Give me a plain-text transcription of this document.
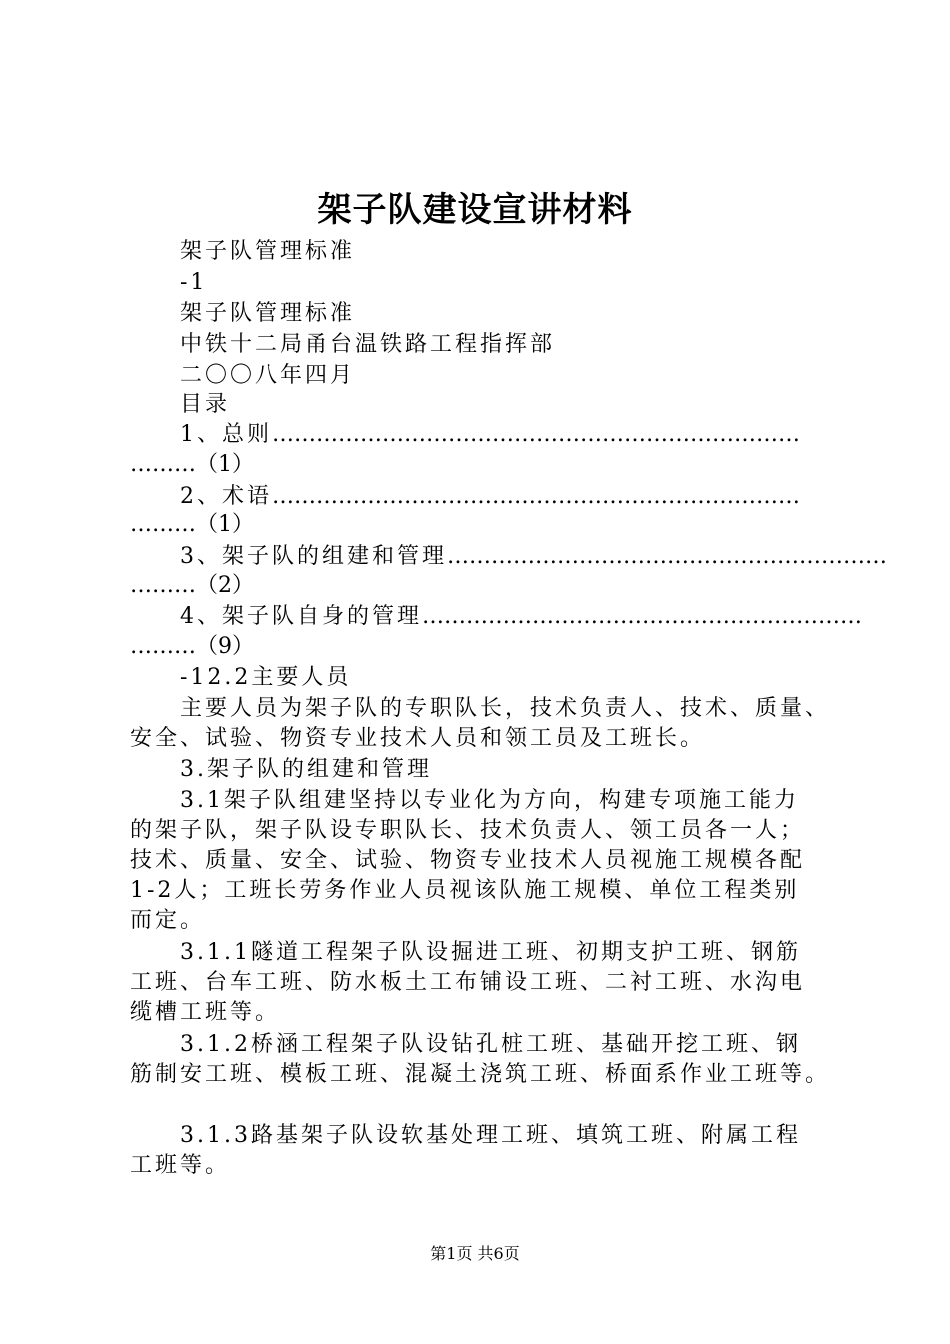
架子队建设宣讲材料
架子队管理标准
-1
架子队管理标准
中铁十二局甬台温铁路工程指挥部
二〇〇八年四月
目录
1、总则………………………………………………………………
………（1）
2、术语………………………………………………………………
………（1）
3、架子队的组建和管理……………………………………………………
………（2）
4、架子队自身的管理……………………………………………………
………（9）
-12.2主要人员
主要人员为架子队的专职队长，技术负责人、技术、质量、
安全、试验、物资专业技术人员和领工员及工班长。
3.架子队的组建和管理
3.1架子队组建坚持以专业化为方向，构建专项施工能力
的架子队，架子队设专职队长、技术负责人、领工员各一人；
技术、质量、安全、试验、物资专业技术人员视施工规模各配
1-2人；工班长劳务作业人员视该队施工规模、单位工程类别
而定。
3.1.1隧道工程架子队设掘进工班、初期支护工班、钢筋
工班、台车工班、防水板土工布铺设工班、二衬工班、水沟电
缆槽工班等。
3.1.2桥涵工程架子队设钻孔桩工班、基础开挖工班、钢
筋制安工班、模板工班、混凝土浇筑工班、桥面系作业工班等。
3.1.3路基架子队设软基处理工班、填筑工班、附属工程
工班等。
第1页 共6页
